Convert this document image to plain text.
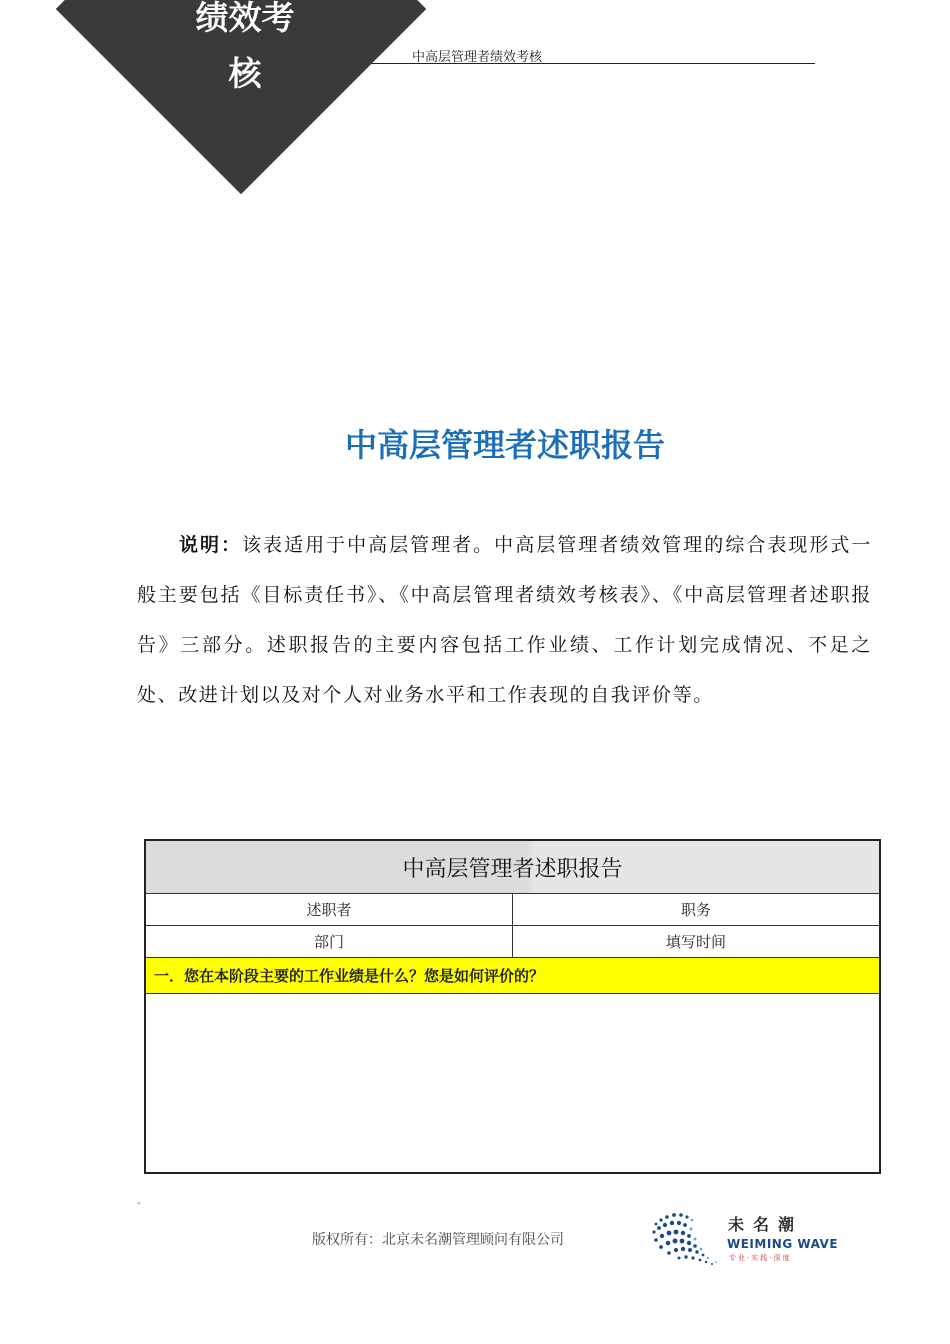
中高层管理者绩效考核
绩效考
核
中高层管理者述职报告
说明：该表适用于中高层管理者。中高层管理者绩效管理的综合表现形式一般主要包括《目标责任书》、《中高层管理者绩效考核表》、《中高层管理者述职报告》三部分。述职报告的主要内容包括工作业绩、工作计划完成情况、不足之处、改进计划以及对个人对业务水平和工作表现的自我评价等。
中高层管理者述职报告	
述职者	职务
部门	填写时间
一．您在本阶段主要的工作业绩是什么？您是如何评价的？	

-
版权所有：北京未名潮管理顾问有限公司
未名潮
WEIMING WAVE
专业·实践·深度
